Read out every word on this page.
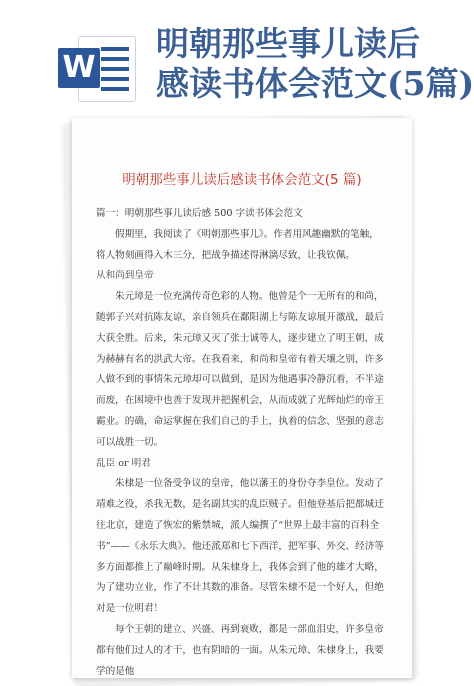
W
明朝那些事儿读后
感读书体会范文(5篇)
明朝那些事儿读后感读书体会范文(5 篇)

篇一：明朝那些事儿读后感 500 字读书体会范文

假期里，我阅读了《明朝那些事儿》。作者用风趣幽默的笔触，将人物刻画得入木三分，把战争描述得淋漓尽致，让我钦佩。

从和尚到皇帝

朱元璋是一位充满传奇色彩的人物。他曾是个一无所有的和尚，随郭子兴对抗陈友谅，亲自领兵在鄱阳湖上与陈友谅展开激战，最后大获全胜。后来，朱元璋又灭了张士诚等人，逐步建立了明王朝，成为赫赫有名的洪武大帝。在我看来，和尚和皇帝有着天壤之别，许多人做不到的事情朱元璋却可以做到，是因为他遇事冷静沉着，不半途而废，在困境中也善于发现并把握机会，从而成就了光辉灿烂的帝王霸业。的确，命运掌握在我们自己的手上，执着的信念、坚强的意志可以战胜一切。

乱臣 or 明君

朱棣是一位备受争议的皇帝，他以藩王的身份夺李皇位。发动了靖难之役，杀我无数，是名副其实的乱臣贼子。但他登基后把都城迁往北京，建造了恢宏的紫禁城，派人编撰了“世界上最丰富的百科全书”——《永乐大典》。他还派郑和七下西洋，把军事、外交、经济等多方面都推上了巅峰时期。从朱棣身上，我体会到了他的雄才大略，为了建功立业，作了不计其数的准备。尽管朱棣不是一个好人，但绝对是一位明君！

每个王朝的建立、兴盛、再到衰败，都是一部血泪史，许多皇帝都有他们过人的才干，也有阴暗的一面。从朱元璋、朱棣身上，我要学的是他
